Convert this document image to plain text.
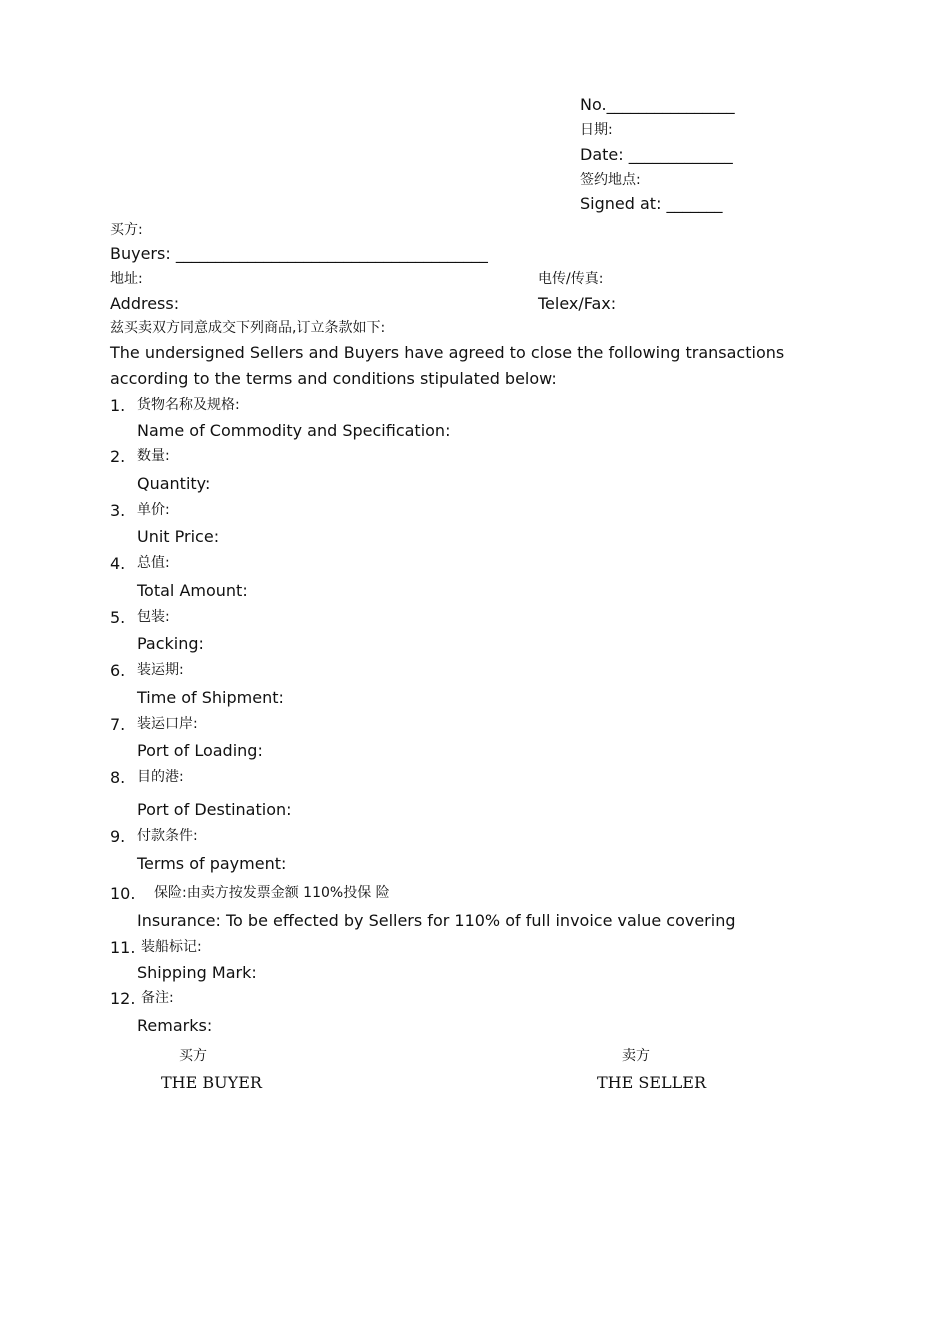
No.________________
日期:
Date: _____________
签约地点:
Signed at: _______
买方:
Buyers: _______________________________________
地址:
Address:
电传/传真:
Telex/Fax:
兹买卖双方同意成交下列商品,订立条款如下:
The undersigned Sellers and Buyers have agreed to close the following transactions
according to the terms and conditions stipulated below:
1. 货物名称及规格:
Name of Commodity and Specification:
2. 数量:
Quantity:
3. 单价:
Unit Price:
4. 总值:
Total Amount:
5. 包装:
Packing:
6. 装运期:
Time of Shipment:
7. 装运口岸:
Port of Loading:
8. 目的港:
Port of Destination:
9. 付款条件:
Terms of payment:
10. 保险:由卖方按发票金额 110%投保 险
Insurance: To be effected by Sellers for 110% of full invoice value covering
11. 装船标记:
Shipping Mark:
12. 备注:
Remarks:
买方
THE BUYER
卖方
THE SELLER
